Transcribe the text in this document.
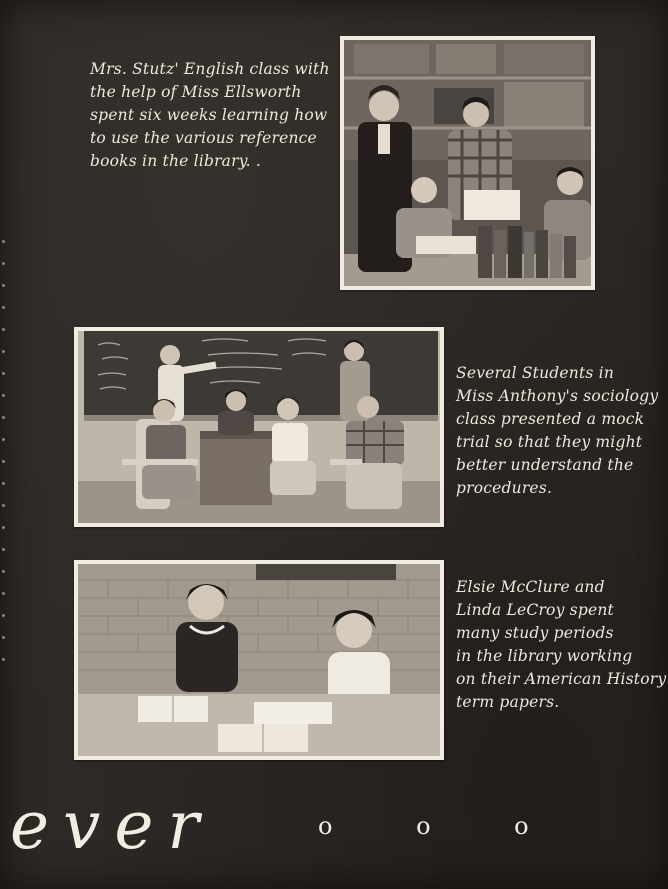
Mrs. Stutz' English class with
the help of Miss Ellsworth
spent six weeks learning how
to use the various reference
books in the library. .
Several Students in
Miss Anthony's sociology
class presented a mock
trial so that they might
better understand the
procedures.
Elsie McClure and
Linda LeCroy spent
many study periods
in the library working
on their American History
term papers.
ever	o o o
